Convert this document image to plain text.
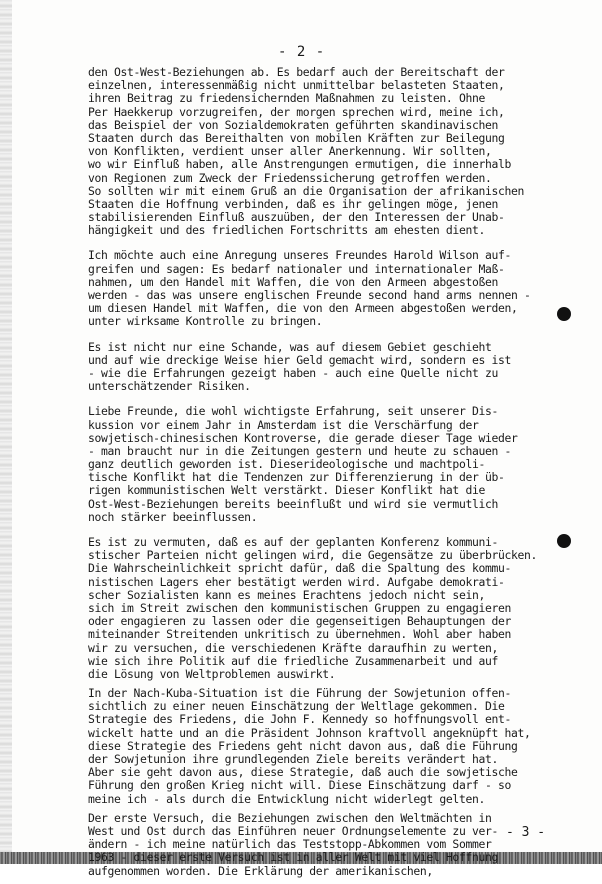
- 2 -
den Ost-West-Beziehungen ab. Es bedarf auch der Bereitschaft der
einzelnen, interessenmäßig nicht unmittelbar belasteten Staaten,
ihren Beitrag zu friedensichernden Maßnahmen zu leisten. Ohne
Per Haekkerup vorzugreifen, der morgen sprechen wird, meine ich,
das Beispiel der von Sozialdemokraten geführten skandinavischen
Staaten durch das Bereithalten von mobilen Kräften zur Beilegung
von Konflikten, verdient unser aller Anerkennung. Wir sollten,
wo wir Einfluß haben, alle Anstrengungen ermutigen, die innerhalb
von Regionen zum Zweck der Friedenssicherung getroffen werden.
So sollten wir mit einem Gruß an die Organisation der afrikanischen
Staaten die Hoffnung verbinden, daß es ihr gelingen möge, jenen
stabilisierenden Einfluß auszuüben, der den Interessen der Unab-
hängigkeit und des friedlichen Fortschritts am ehesten dient.
Ich möchte auch eine Anregung unseres Freundes Harold Wilson auf-
greifen und sagen: Es bedarf nationaler und internationaler Maß-
nahmen, um den Handel mit Waffen, die von den Armeen abgestoßen
werden - das was unsere englischen Freunde second hand arms nennen -
um diesen Handel mit Waffen, die von den Armeen abgestoßen werden,
unter wirksame Kontrolle zu bringen.
Es ist nicht nur eine Schande, was auf diesem Gebiet geschieht
und auf wie dreckige Weise hier Geld gemacht wird, sondern es ist
- wie die Erfahrungen gezeigt haben - auch eine Quelle nicht zu
unterschätzender Risiken.
Liebe Freunde, die wohl wichtigste Erfahrung, seit unserer Dis-
kussion vor einem Jahr in Amsterdam ist die Verschärfung der
sowjetisch-chinesischen Kontroverse, die gerade dieser Tage wieder
- man braucht nur in die Zeitungen gestern und heute zu schauen -
ganz deutlich geworden ist. Dieserideologische und machtpoli-
tische Konflikt hat die Tendenzen zur Differenzierung in der üb-
rigen kommunistischen Welt verstärkt. Dieser Konflikt hat die
Ost-West-Beziehungen bereits beeinflußt und wird sie vermutlich
noch stärker beeinflussen.
Es ist zu vermuten, daß es auf der geplanten Konferenz kommuni-
stischer Parteien nicht gelingen wird, die Gegensätze zu überbrücken.
Die Wahrscheinlichkeit spricht dafür, daß die Spaltung des kommu-
nistischen Lagers eher bestätigt werden wird. Aufgabe demokrati-
scher Sozialisten kann es meines Erachtens jedoch nicht sein,
sich im Streit zwischen den kommunistischen Gruppen zu engagieren
oder engagieren zu lassen oder die gegenseitigen Behauptungen der
miteinander Streitenden unkritisch zu übernehmen. Wohl aber haben
wir zu versuchen, die verschiedenen Kräfte daraufhin zu werten,
wie sich ihre Politik auf die friedliche Zusammenarbeit und auf
die Lösung von Weltproblemen auswirkt.
In der Nach-Kuba-Situation ist die Führung der Sowjetunion offen-
sichtlich zu einer neuen Einschätzung der Weltlage gekommen. Die
Strategie des Friedens, die John F. Kennedy so hoffnungsvoll ent-
wickelt hatte und an die Präsident Johnson kraftvoll angeknüpft hat,
diese Strategie des Friedens geht nicht davon aus, daß die Führung
der Sowjetunion ihre grundlegenden Ziele bereits verändert hat.
Aber sie geht davon aus, diese Strategie, daß auch die sowjetische
Führung den großen Krieg nicht will. Diese Einschätzung darf - so
meine ich - als durch die Entwicklung nicht widerlegt gelten.
Der erste Versuch, die Beziehungen zwischen den Weltmächten in
West und Ost durch das Einführen neuer Ordnungselemente zu ver-
ändern - ich meine natürlich das Teststopp-Abkommen vom Sommer
1963 - dieser erste Versuch ist in aller Welt mit viel Hoffnung
aufgenommen worden. Die Erklärung der amerikanischen,
- 3 -
